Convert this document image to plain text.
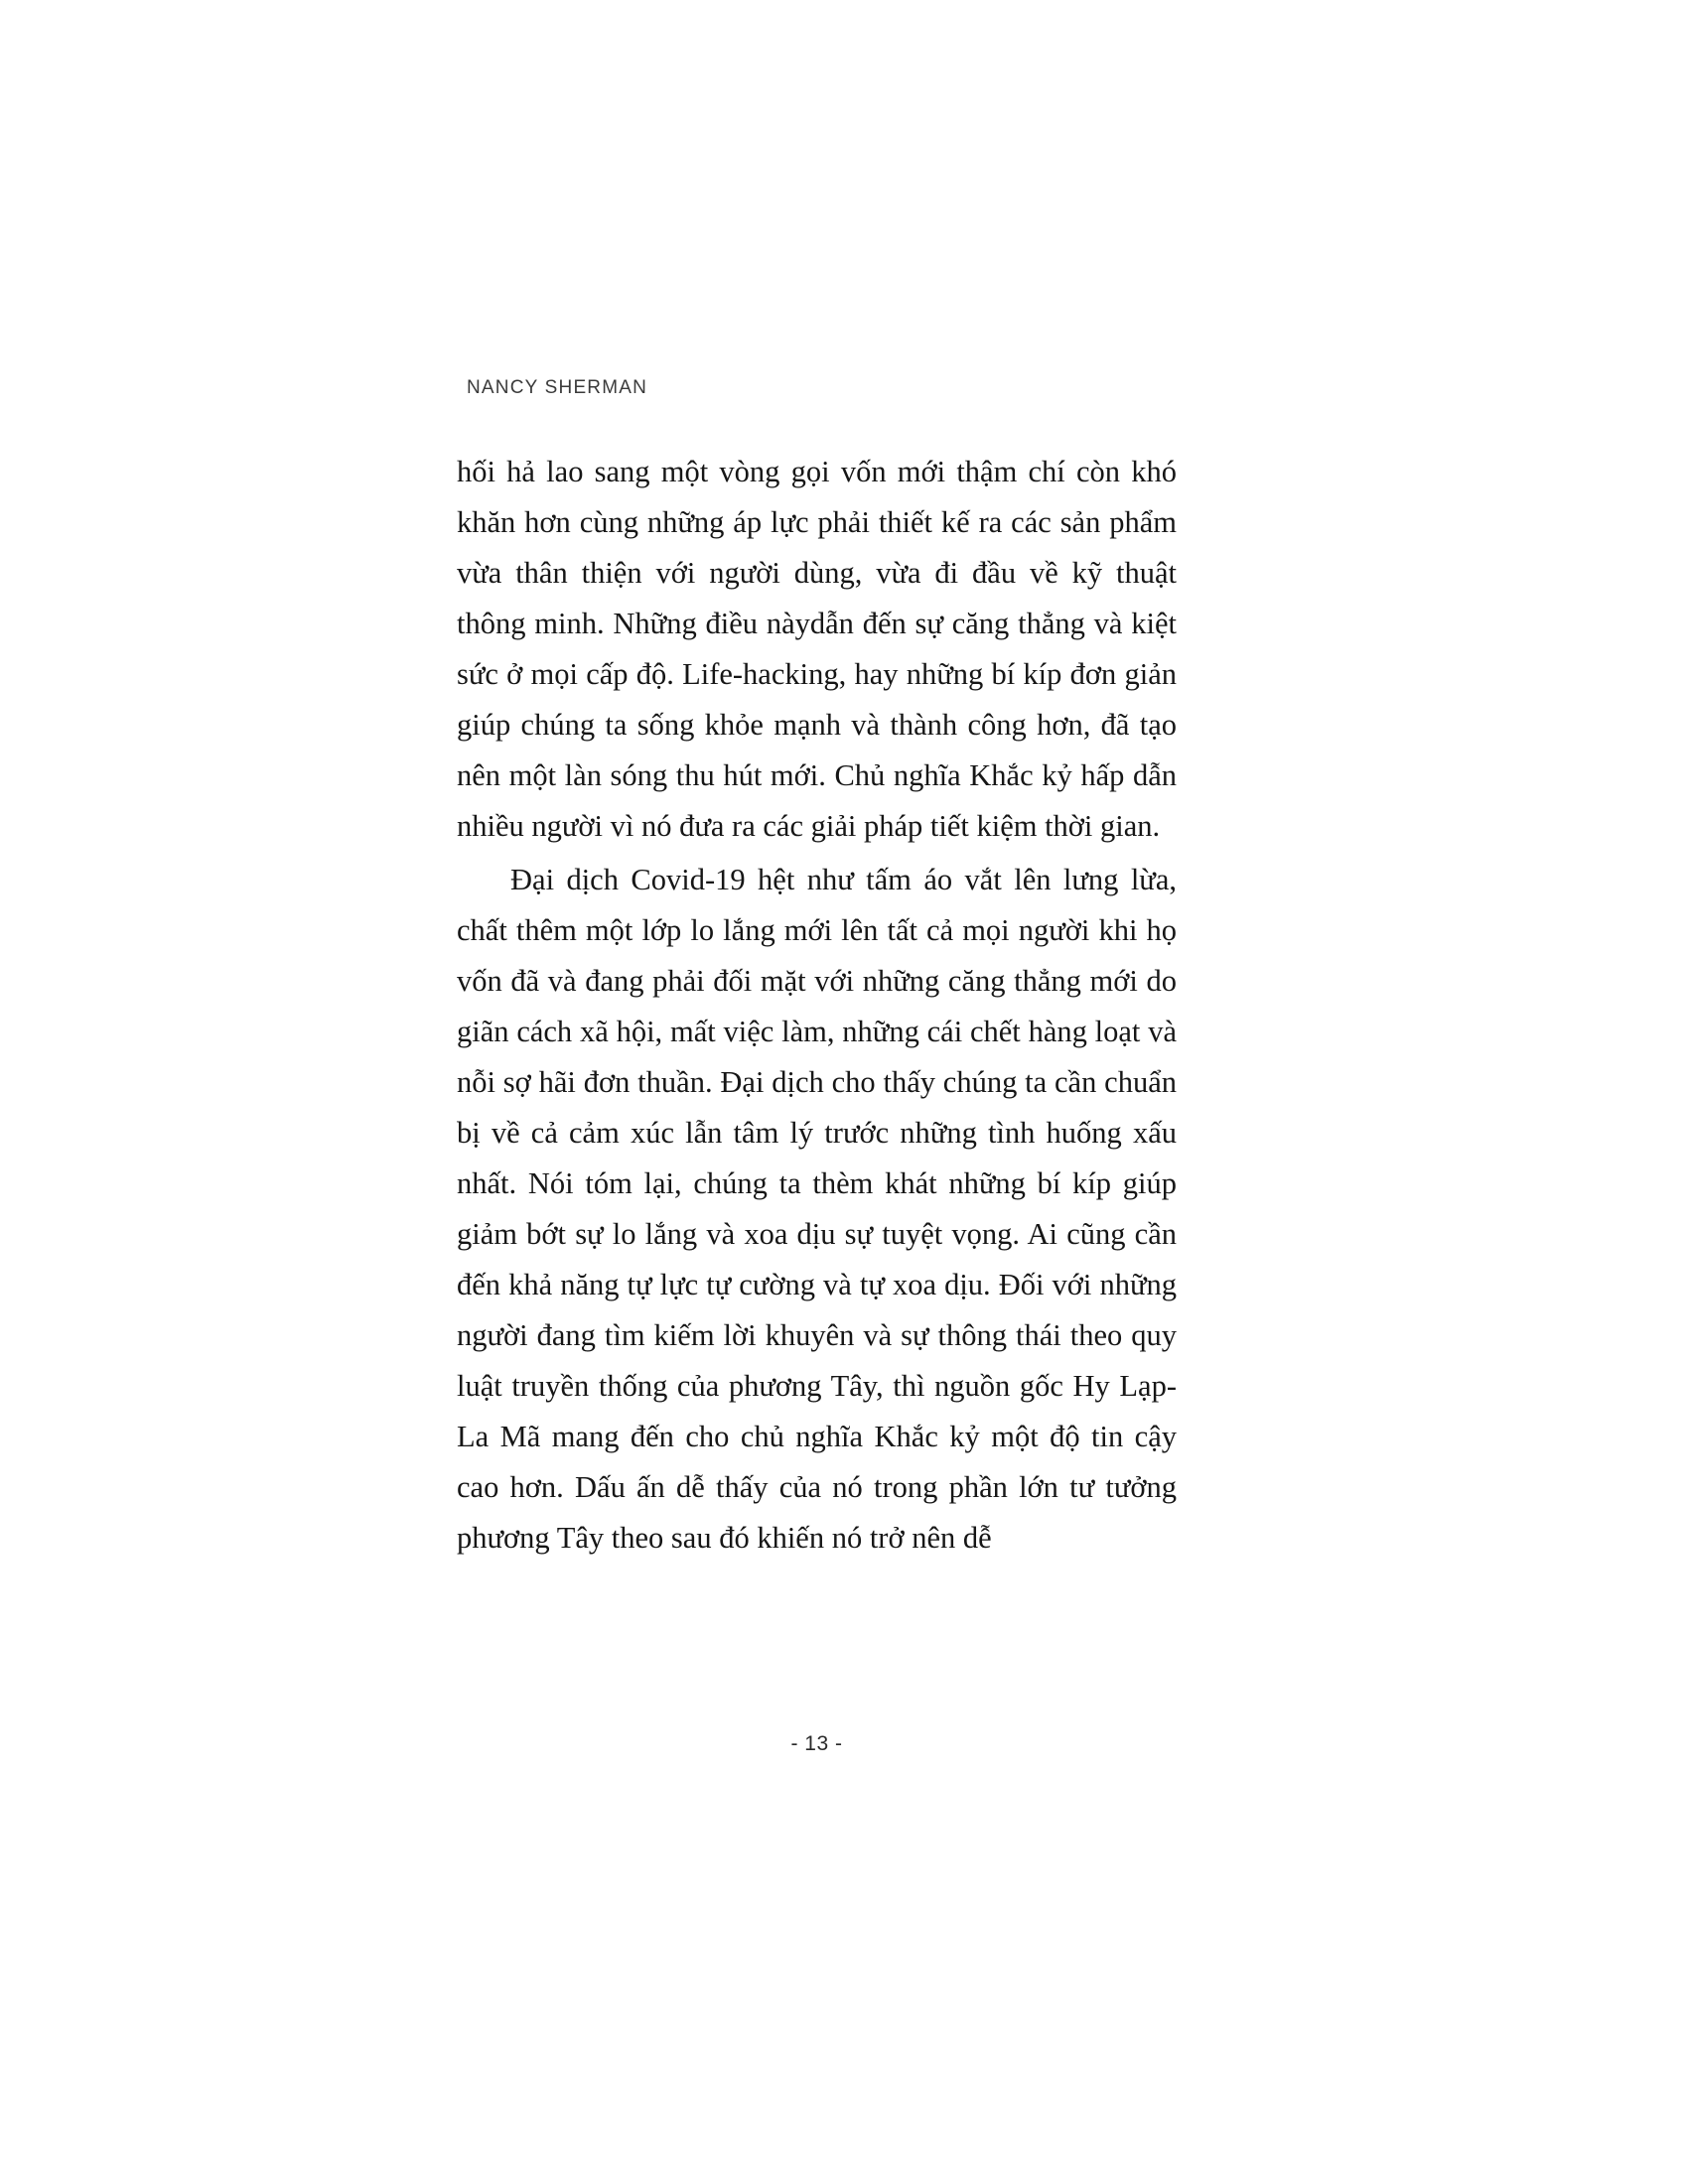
NANCY SHERMAN

hối hả lao sang một vòng gọi vốn mới thậm chí còn khó khăn hơn cùng những áp lực phải thiết kế ra các sản phẩm vừa thân thiện với người dùng, vừa đi đầu về kỹ thuật thông minh. Những điều nàydẫn đến sự căng thẳng và kiệt sức ở mọi cấp độ. Life-hacking, hay những bí kíp đơn giản giúp chúng ta sống khỏe mạnh và thành công hơn, đã tạo nên một làn sóng thu hút mới. Chủ nghĩa Khắc kỷ hấp dẫn nhiều người vì nó đưa ra các giải pháp tiết kiệm thời gian.

Đại dịch Covid-19 hệt như tấm áo vắt lên lưng lừa, chất thêm một lớp lo lắng mới lên tất cả mọi người khi họ vốn đã và đang phải đối mặt với những căng thẳng mới do giãn cách xã hội, mất việc làm, những cái chết hàng loạt và nỗi sợ hãi đơn thuần. Đại dịch cho thấy chúng ta cần chuẩn bị về cả cảm xúc lẫn tâm lý trước những tình huống xấu nhất. Nói tóm lại, chúng ta thèm khát những bí kíp giúp giảm bớt sự lo lắng và xoa dịu sự tuyệt vọng. Ai cũng cần đến khả năng tự lực tự cường và tự xoa dịu. Đối với những người đang tìm kiếm lời khuyên và sự thông thái theo quy luật truyền thống của phương Tây, thì nguồn gốc Hy Lạp-La Mã mang đến cho chủ nghĩa Khắc kỷ một độ tin cậy cao hơn. Dấu ấn dễ thấy của nó trong phần lớn tư tưởng phương Tây theo sau đó khiến nó trở nên dễ

- 13 -
